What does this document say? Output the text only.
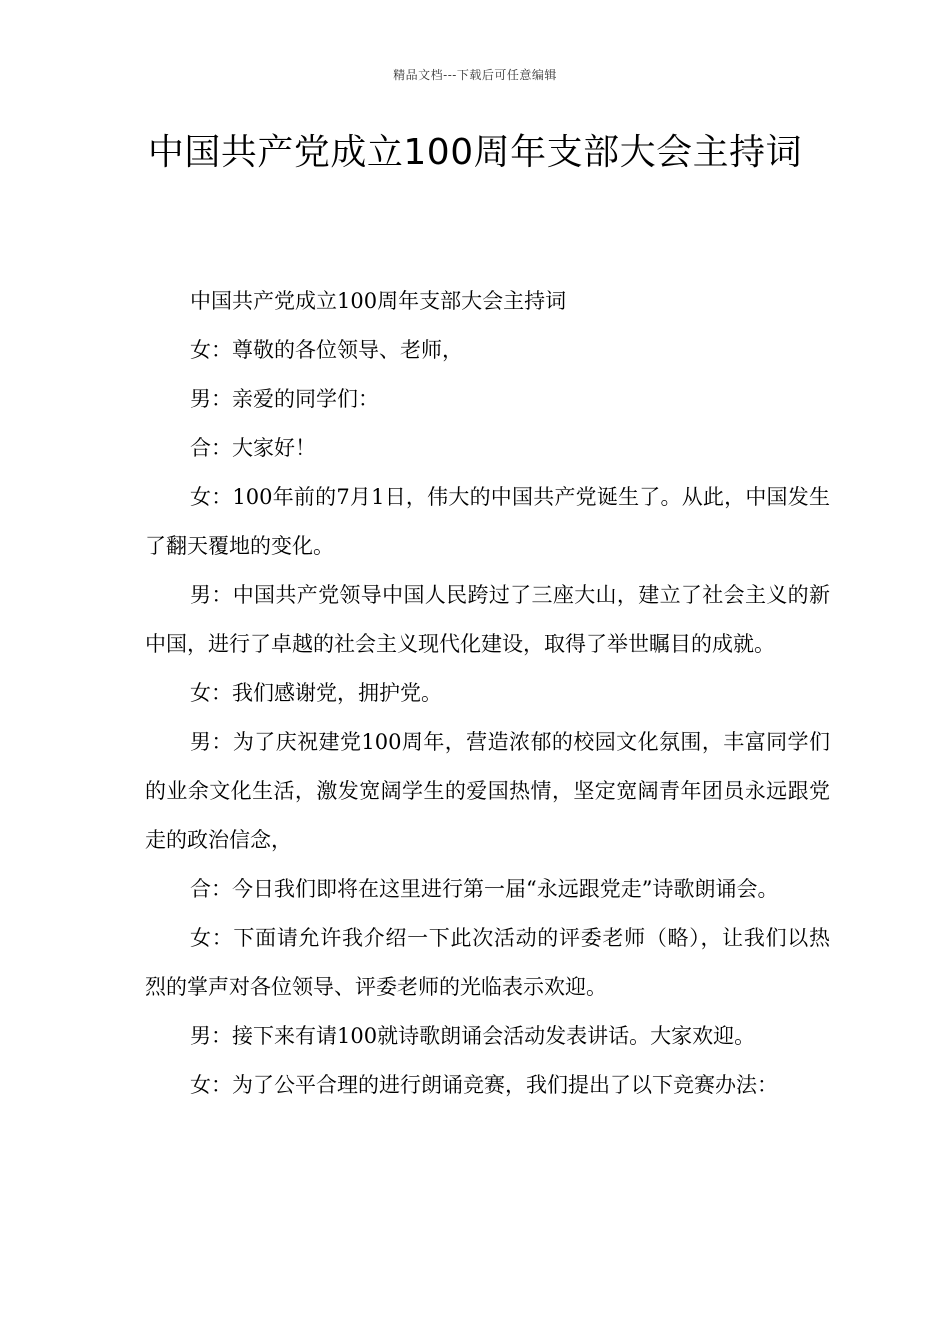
精品文档---下载后可任意编辑
中国共产党成立100周年支部大会主持词

中国共产党成立100周年支部大会主持词

女：尊敬的各位领导、老师，

男：亲爱的同学们：

合：大家好！

女：100年前的7月1日，伟大的中国共产党诞生了。从此，中国发生了翻天覆地的变化。

男：中国共产党领导中国人民跨过了三座大山，建立了社会主义的新中国，进行了卓越的社会主义现代化建设，取得了举世瞩目的成就。

女：我们感谢党，拥护党。

男：为了庆祝建党100周年，营造浓郁的校园文化氛围，丰富同学们的业余文化生活，激发宽阔学生的爱国热情，坚定宽阔青年团员永远跟党走的政治信念，

合：今日我们即将在这里进行第一届“永远跟党走”诗歌朗诵会。

女：下面请允许我介绍一下此次活动的评委老师（略），让我们以热烈的掌声对各位领导、评委老师的光临表示欢迎。

男：接下来有请100就诗歌朗诵会活动发表讲话。大家欢迎。

女：为了公平合理的进行朗诵竞赛，我们提出了以下竞赛办法：
